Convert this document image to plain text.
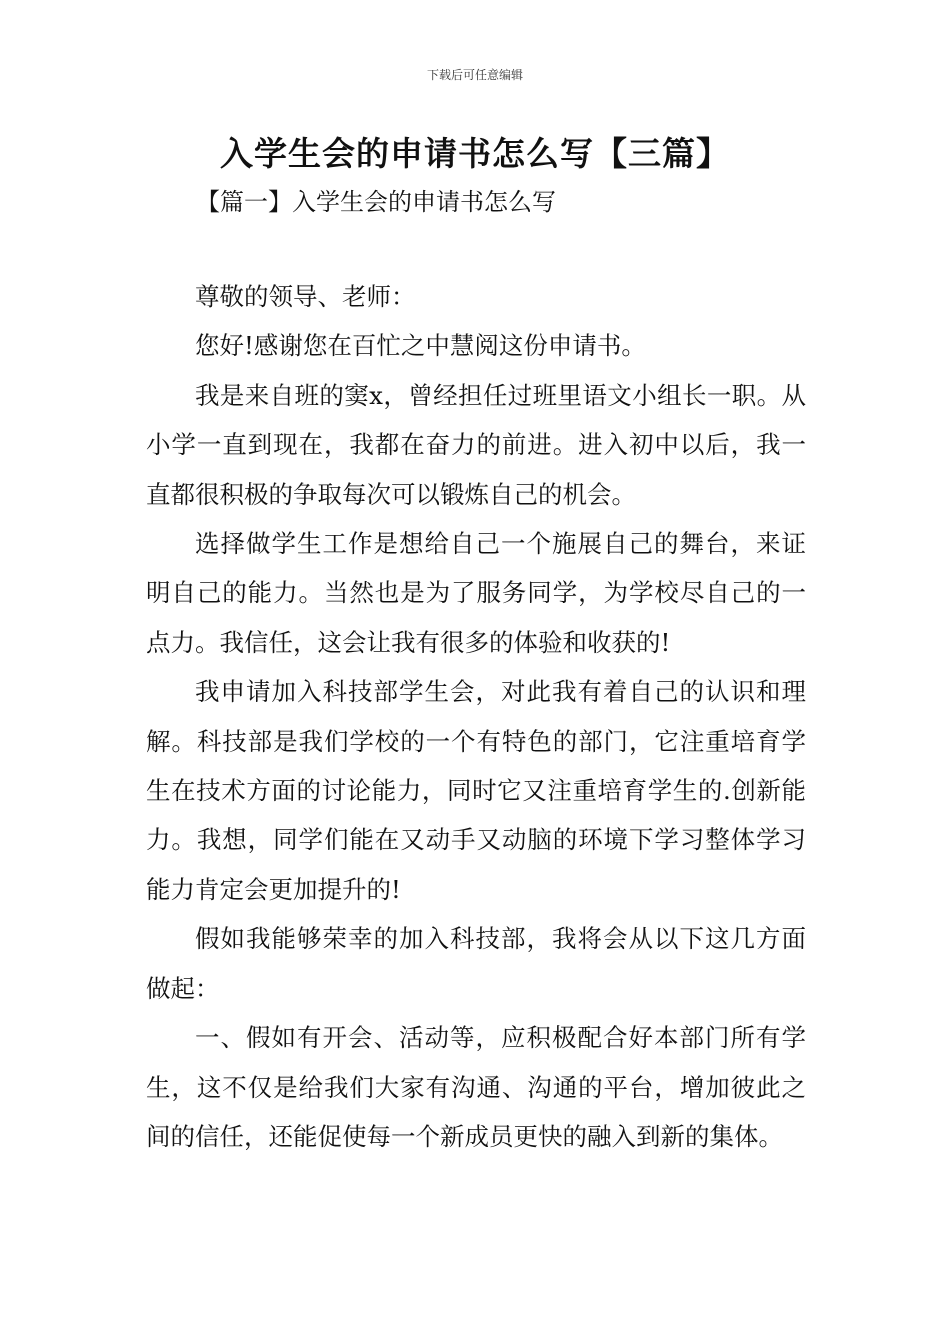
下载后可任意编辑
入学生会的申请书怎么写【三篇】
【篇一】入学生会的申请书怎么写

尊敬的领导、老师：

您好!感谢您在百忙之中慧阅这份申请书。

我是来自班的窦x，曾经担任过班里语文小组长一职。从小学一直到现在，我都在奋力的前进。进入初中以后，我一直都很积极的争取每次可以锻炼自己的机会。

选择做学生工作是想给自己一个施展自己的舞台，来证明自己的能力。当然也是为了服务同学，为学校尽自己的一点力。我信任，这会让我有很多的体验和收获的!

我申请加入科技部学生会，对此我有着自己的认识和理解。科技部是我们学校的一个有特色的部门，它注重培育学生在技术方面的讨论能力，同时它又注重培育学生的.创新能力。我想，同学们能在又动手又动脑的环境下学习整体学习能力肯定会更加提升的!

假如我能够荣幸的加入科技部，我将会从以下这几方面做起：

一、假如有开会、活动等，应积极配合好本部门所有学生，这不仅是给我们大家有沟通、沟通的平台，增加彼此之间的信任，还能促使每一个新成员更快的融入到新的集体。
